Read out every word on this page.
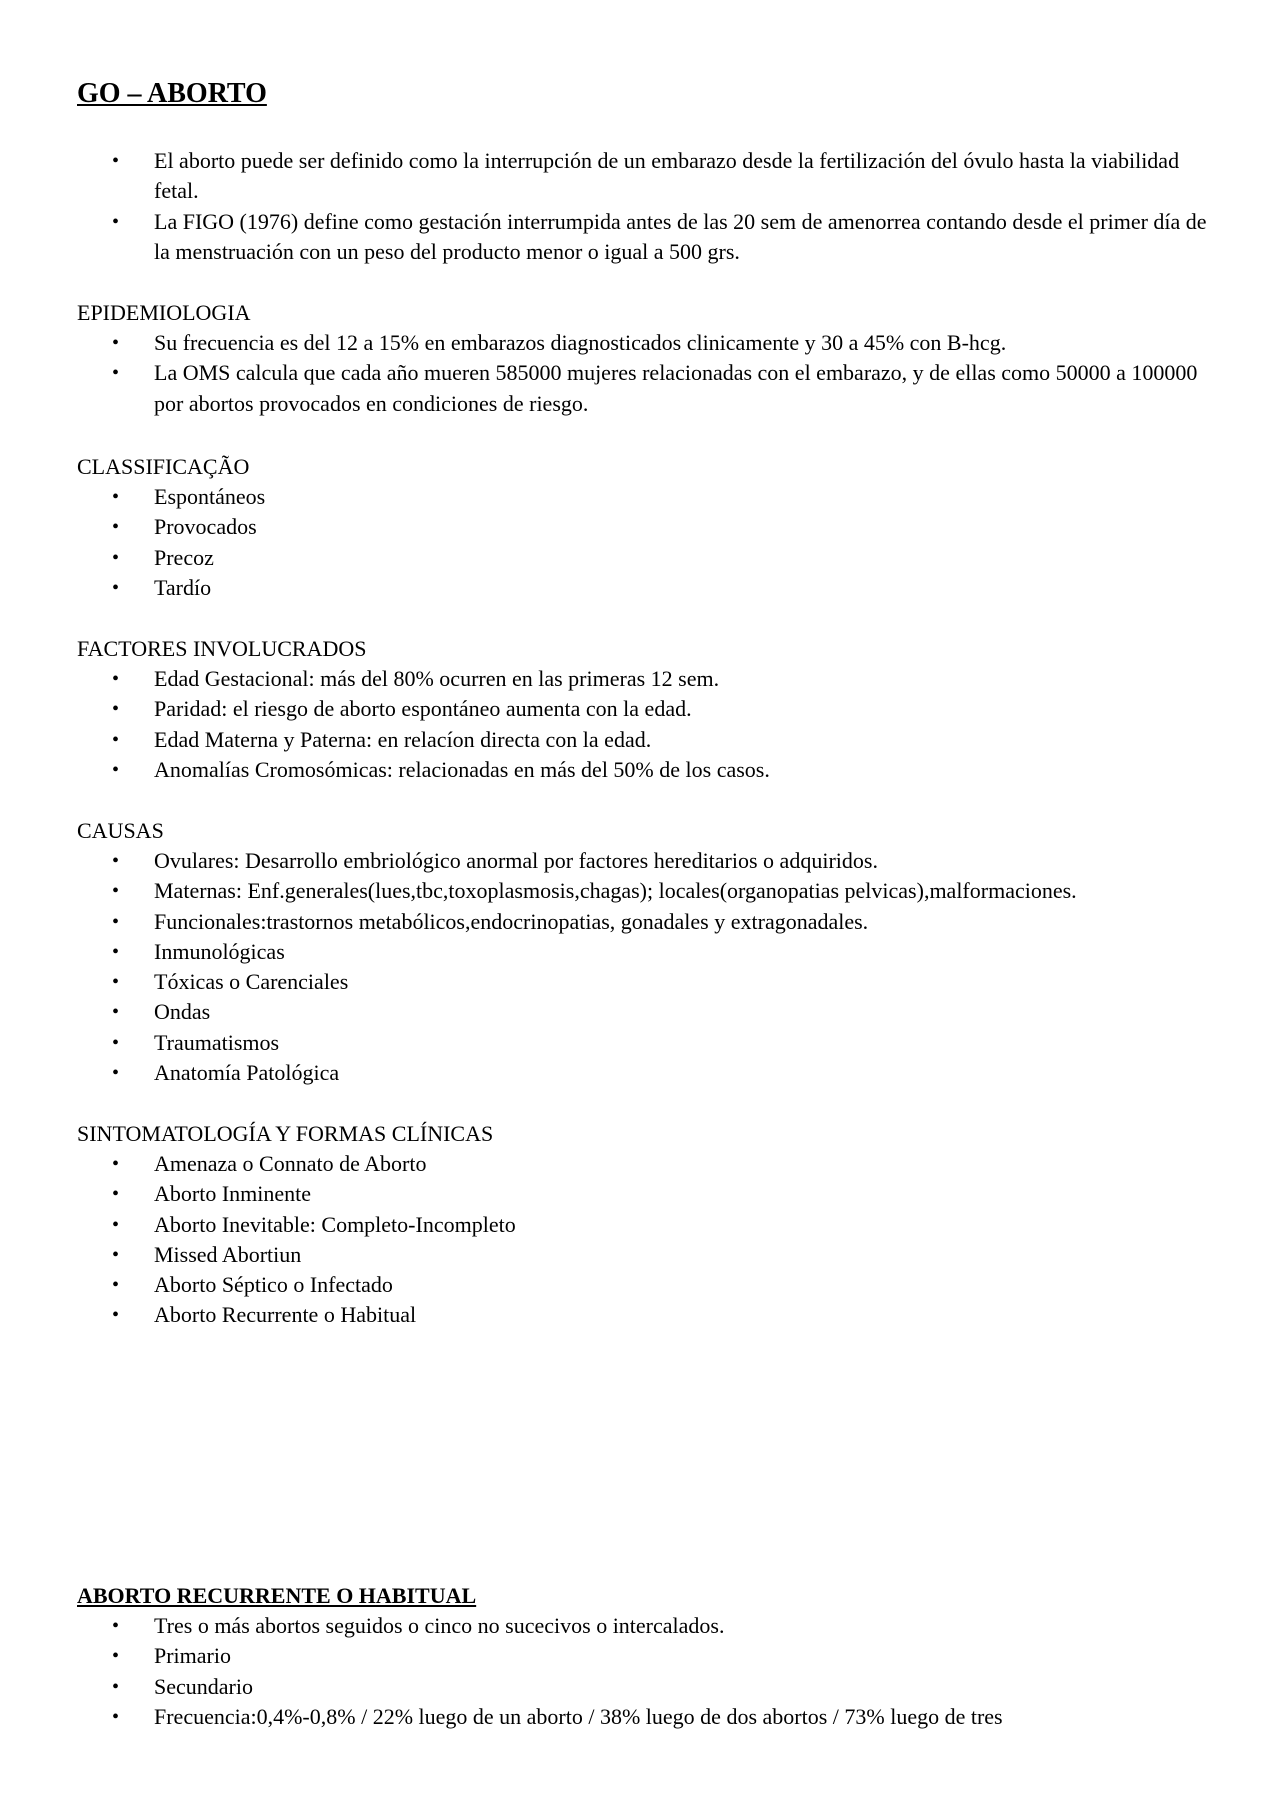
GO – ABORTO
• El aborto puede ser definido como la interrupción de un embarazo desde la fertilización del óvulo hasta la viabilidad fetal.
• La FIGO (1976) define como gestación interrumpida antes de las 20 sem de amenorrea contando desde el primer día de la menstruación con un peso del producto menor o igual a 500 grs.
EPIDEMIOLOGIA
• Su frecuencia es del 12 a 15% en embarazos diagnosticados clinicamente y 30 a 45% con B-hcg.
• La OMS calcula que cada año mueren 585000 mujeres relacionadas con el embarazo, y de ellas como 50000 a 100000 por abortos provocados en condiciones de riesgo.
CLASSIFICAÇÃO
• Espontáneos
• Provocados
• Precoz
• Tardío
FACTORES INVOLUCRADOS
• Edad Gestacional: más del 80% ocurren en las primeras 12 sem.
• Paridad: el riesgo de aborto espontáneo aumenta con la edad.
• Edad Materna y Paterna: en relacíon directa con la edad.
• Anomalías Cromosómicas: relacionadas en más del 50% de los casos.
CAUSAS
• Ovulares: Desarrollo embriológico anormal por factores hereditarios o adquiridos.
• Maternas: Enf.generales(lues,tbc,toxoplasmosis,chagas); locales(organopatias pelvicas),malformaciones.
• Funcionales:trastornos metabólicos,endocrinopatias, gonadales y extragonadales.
• Inmunológicas
• Tóxicas o Carenciales
• Ondas
• Traumatismos
• Anatomía Patológica
SINTOMATOLOGÍA Y FORMAS CLÍNICAS
• Amenaza o Connato de Aborto
• Aborto Inminente
• Aborto Inevitable: Completo-Incompleto
• Missed Abortiun
• Aborto Séptico o Infectado
• Aborto Recurrente o Habitual
ABORTO RECURRENTE O HABITUAL
• Tres o más abortos seguidos o cinco no sucecivos o intercalados.
• Primario
• Secundario
• Frecuencia:0,4%-0,8% / 22% luego de un aborto / 38% luego de dos abortos / 73% luego de tres
